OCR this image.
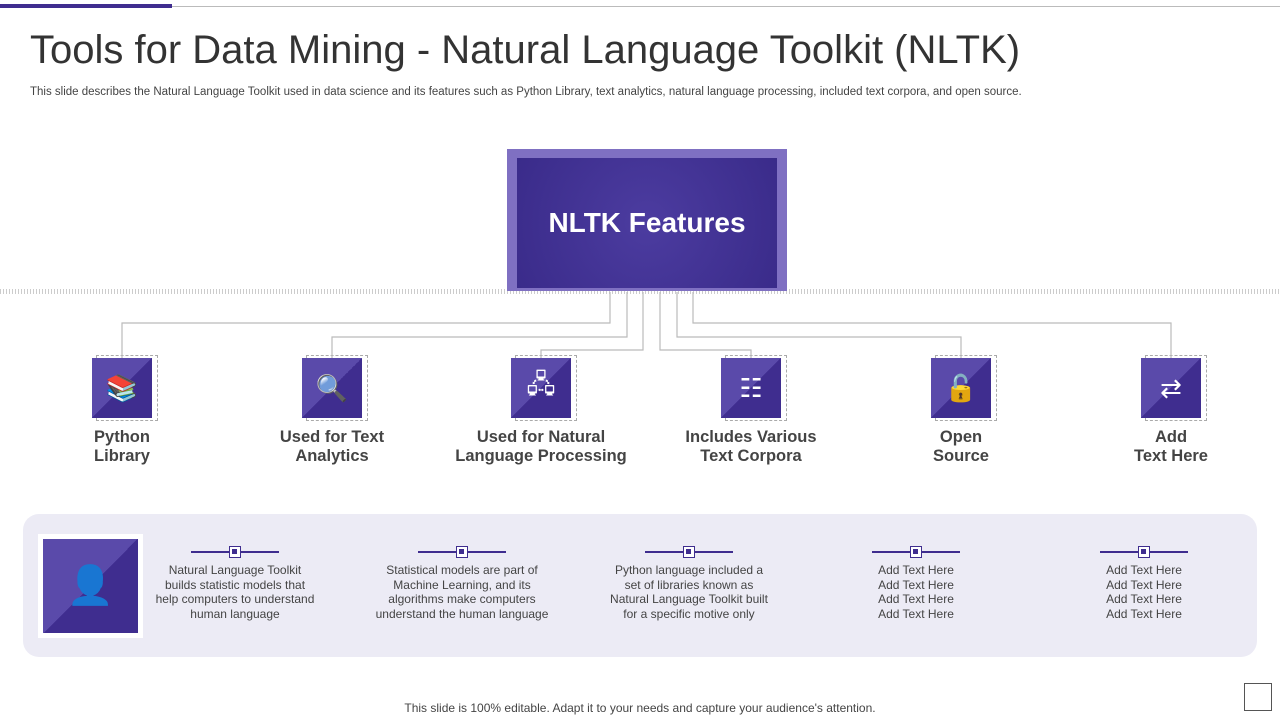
Tools for Data Mining - Natural Language Toolkit (NLTK)
This slide describes the Natural Language Toolkit used in data science and its features such as Python Library, text analytics, natural language processing, included text corpora, and open source.
NLTK Features
📚
Python
Library
🔍
Used for Text
Analytics
🖧
Used for Natural
Language Processing
☷
Includes Various
Text Corpora
🔓
Open
Source
⇄
Add
Text Here
👤	Natural Language Toolkit
builds statistic models that
help computers to understand
human language
Statistical models are part of
Machine Learning, and its
algorithms make computers
understand the human language
Python language included a
set of libraries known as
Natural Language Toolkit built
for a specific motive only
Add Text Here
Add Text Here
Add Text Here
Add Text Here
Add Text Here
Add Text Here
Add Text Here
Add Text Here
This slide is 100% editable. Adapt it to your needs and capture your audience's attention.
